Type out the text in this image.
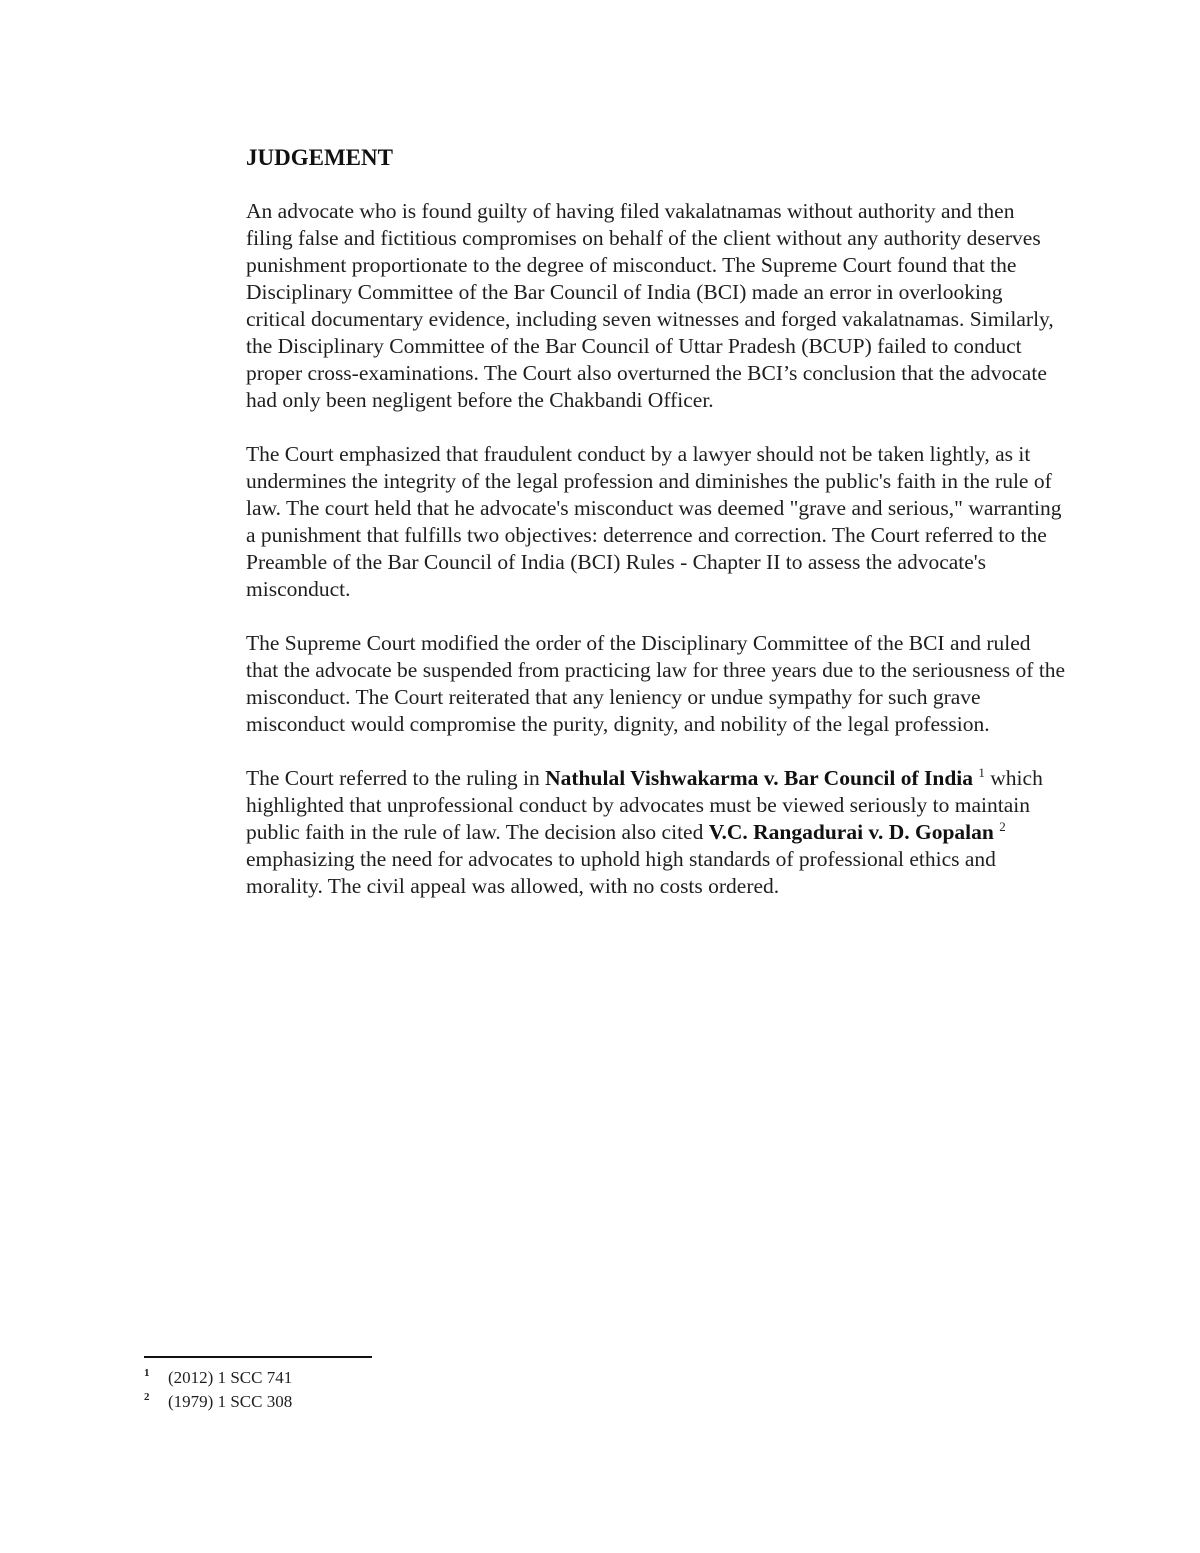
JUDGEMENT

An advocate who is found guilty of having filed vakalatnamas without authority and then filing false and fictitious compromises on behalf of the client without any authority deserves punishment proportionate to the degree of misconduct. The Supreme Court found that the Disciplinary Committee of the Bar Council of India (BCI) made an error in overlooking critical documentary evidence, including seven witnesses and forged vakalatnamas. Similarly, the Disciplinary Committee of the Bar Council of Uttar Pradesh (BCUP) failed to conduct proper cross-examinations. The Court also overturned the BCI’s conclusion that the advocate had only been negligent before the Chakbandi Officer.

The Court emphasized that fraudulent conduct by a lawyer should not be taken lightly, as it undermines the integrity of the legal profession and diminishes the public's faith in the rule of law. The court held that he advocate's misconduct was deemed "grave and serious," warranting a punishment that fulfills two objectives: deterrence and correction. The Court referred to the Preamble of the Bar Council of India (BCI) Rules - Chapter II to assess the advocate's misconduct.

The Supreme Court modified the order of the Disciplinary Committee of the BCI and ruled that the advocate be suspended from practicing law for three years due to the seriousness of the misconduct. The Court reiterated that any leniency or undue sympathy for such grave misconduct would compromise the purity, dignity, and nobility of the legal profession.

The Court referred to the ruling in Nathulal Vishwakarma v. Bar Council of India $^1$ which highlighted that unprofessional conduct by advocates must be viewed seriously to maintain public faith in the rule of law. The decision also cited V.C. Rangadurai v. D. Gopalan $^2$ emphasizing the need for advocates to uphold high standards of professional ethics and morality. The civil appeal was allowed, with no costs ordered.

1	(2012) 1 SCC 741
2	(1979) 1 SCC 308
